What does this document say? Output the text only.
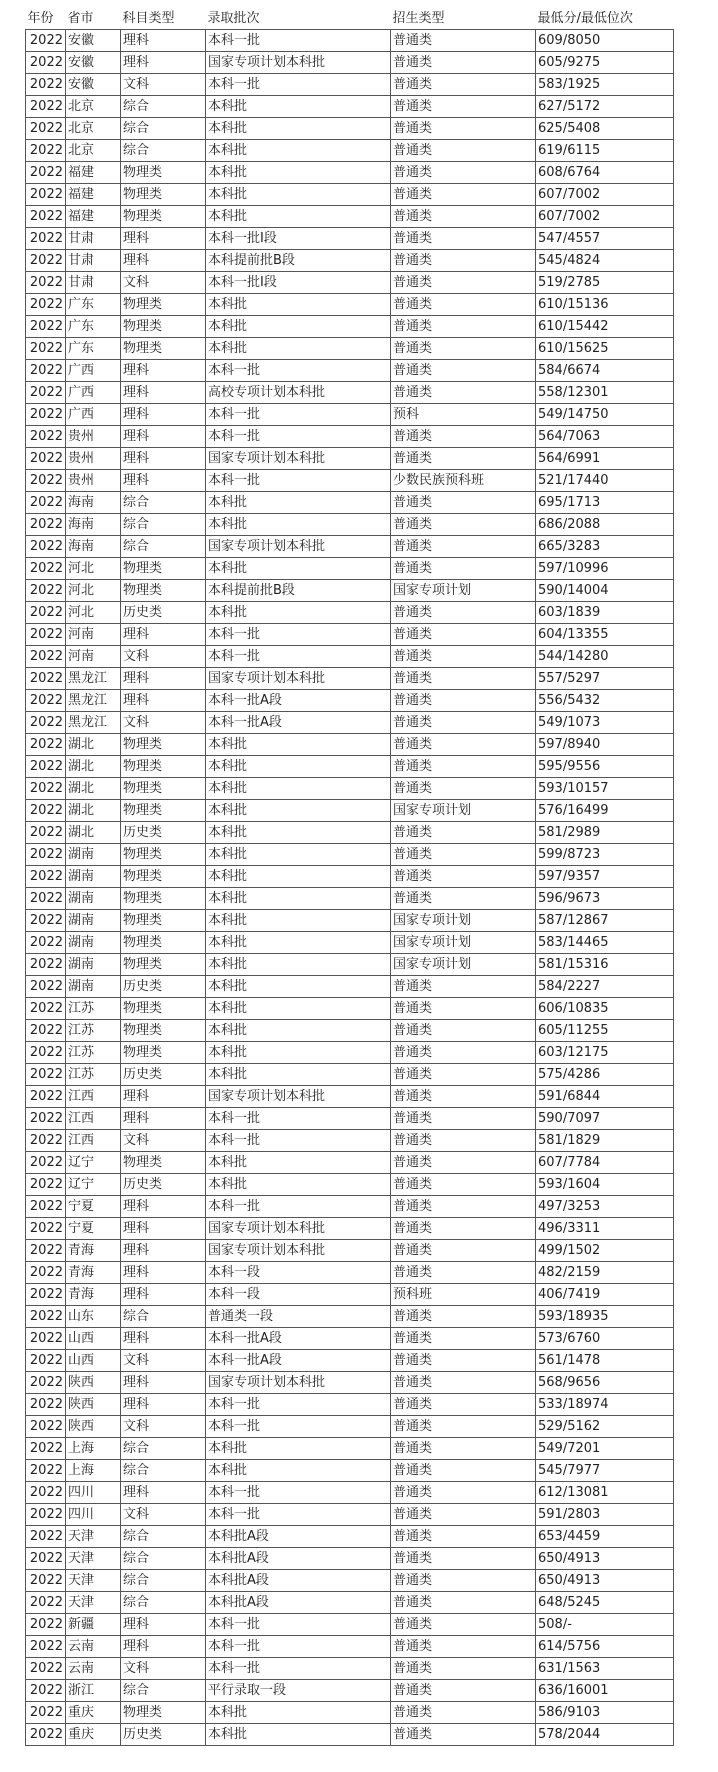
年份	省市	科目类型	录取批次	招生类型	最低分/最低位次
2022	安徽	理科	本科一批	普通类	609/8050
2022	安徽	理科	国家专项计划本科批	普通类	605/9275
2022	安徽	文科	本科一批	普通类	583/1925
2022	北京	综合	本科批	普通类	627/5172
2022	北京	综合	本科批	普通类	625/5408
2022	北京	综合	本科批	普通类	619/6115
2022	福建	物理类	本科批	普通类	608/6764
2022	福建	物理类	本科批	普通类	607/7002
2022	福建	物理类	本科批	普通类	607/7002
2022	甘肃	理科	本科一批I段	普通类	547/4557
2022	甘肃	理科	本科提前批B段	普通类	545/4824
2022	甘肃	文科	本科一批I段	普通类	519/2785
2022	广东	物理类	本科批	普通类	610/15136
2022	广东	物理类	本科批	普通类	610/15442
2022	广东	物理类	本科批	普通类	610/15625
2022	广西	理科	本科一批	普通类	584/6674
2022	广西	理科	高校专项计划本科批	普通类	558/12301
2022	广西	理科	本科一批	预科	549/14750
2022	贵州	理科	本科一批	普通类	564/7063
2022	贵州	理科	国家专项计划本科批	普通类	564/6991
2022	贵州	理科	本科一批	少数民族预科班	521/17440
2022	海南	综合	本科批	普通类	695/1713
2022	海南	综合	本科批	普通类	686/2088
2022	海南	综合	国家专项计划本科批	普通类	665/3283
2022	河北	物理类	本科批	普通类	597/10996
2022	河北	物理类	本科提前批B段	国家专项计划	590/14004
2022	河北	历史类	本科批	普通类	603/1839
2022	河南	理科	本科一批	普通类	604/13355
2022	河南	文科	本科一批	普通类	544/14280
2022	黑龙江	理科	国家专项计划本科批	普通类	557/5297
2022	黑龙江	理科	本科一批A段	普通类	556/5432
2022	黑龙江	文科	本科一批A段	普通类	549/1073
2022	湖北	物理类	本科批	普通类	597/8940
2022	湖北	物理类	本科批	普通类	595/9556
2022	湖北	物理类	本科批	普通类	593/10157
2022	湖北	物理类	本科批	国家专项计划	576/16499
2022	湖北	历史类	本科批	普通类	581/2989
2022	湖南	物理类	本科批	普通类	599/8723
2022	湖南	物理类	本科批	普通类	597/9357
2022	湖南	物理类	本科批	普通类	596/9673
2022	湖南	物理类	本科批	国家专项计划	587/12867
2022	湖南	物理类	本科批	国家专项计划	583/14465
2022	湖南	物理类	本科批	国家专项计划	581/15316
2022	湖南	历史类	本科批	普通类	584/2227
2022	江苏	物理类	本科批	普通类	606/10835
2022	江苏	物理类	本科批	普通类	605/11255
2022	江苏	物理类	本科批	普通类	603/12175
2022	江苏	历史类	本科批	普通类	575/4286
2022	江西	理科	国家专项计划本科批	普通类	591/6844
2022	江西	理科	本科一批	普通类	590/7097
2022	江西	文科	本科一批	普通类	581/1829
2022	辽宁	物理类	本科批	普通类	607/7784
2022	辽宁	历史类	本科批	普通类	593/1604
2022	宁夏	理科	本科一批	普通类	497/3253
2022	宁夏	理科	国家专项计划本科批	普通类	496/3311
2022	青海	理科	国家专项计划本科批	普通类	499/1502
2022	青海	理科	本科一段	普通类	482/2159
2022	青海	理科	本科一段	预科班	406/7419
2022	山东	综合	普通类一段	普通类	593/18935
2022	山西	理科	本科一批A段	普通类	573/6760
2022	山西	文科	本科一批A段	普通类	561/1478
2022	陕西	理科	国家专项计划本科批	普通类	568/9656
2022	陕西	理科	本科一批	普通类	533/18974
2022	陕西	文科	本科一批	普通类	529/5162
2022	上海	综合	本科批	普通类	549/7201
2022	上海	综合	本科批	普通类	545/7977
2022	四川	理科	本科一批	普通类	612/13081
2022	四川	文科	本科一批	普通类	591/2803
2022	天津	综合	本科批A段	普通类	653/4459
2022	天津	综合	本科批A段	普通类	650/4913
2022	天津	综合	本科批A段	普通类	650/4913
2022	天津	综合	本科批A段	普通类	648/5245
2022	新疆	理科	本科一批	普通类	508/-
2022	云南	理科	本科一批	普通类	614/5756
2022	云南	文科	本科一批	普通类	631/1563
2022	浙江	综合	平行录取一段	普通类	636/16001
2022	重庆	物理类	本科批	普通类	586/9103
2022	重庆	历史类	本科批	普通类	578/2044
